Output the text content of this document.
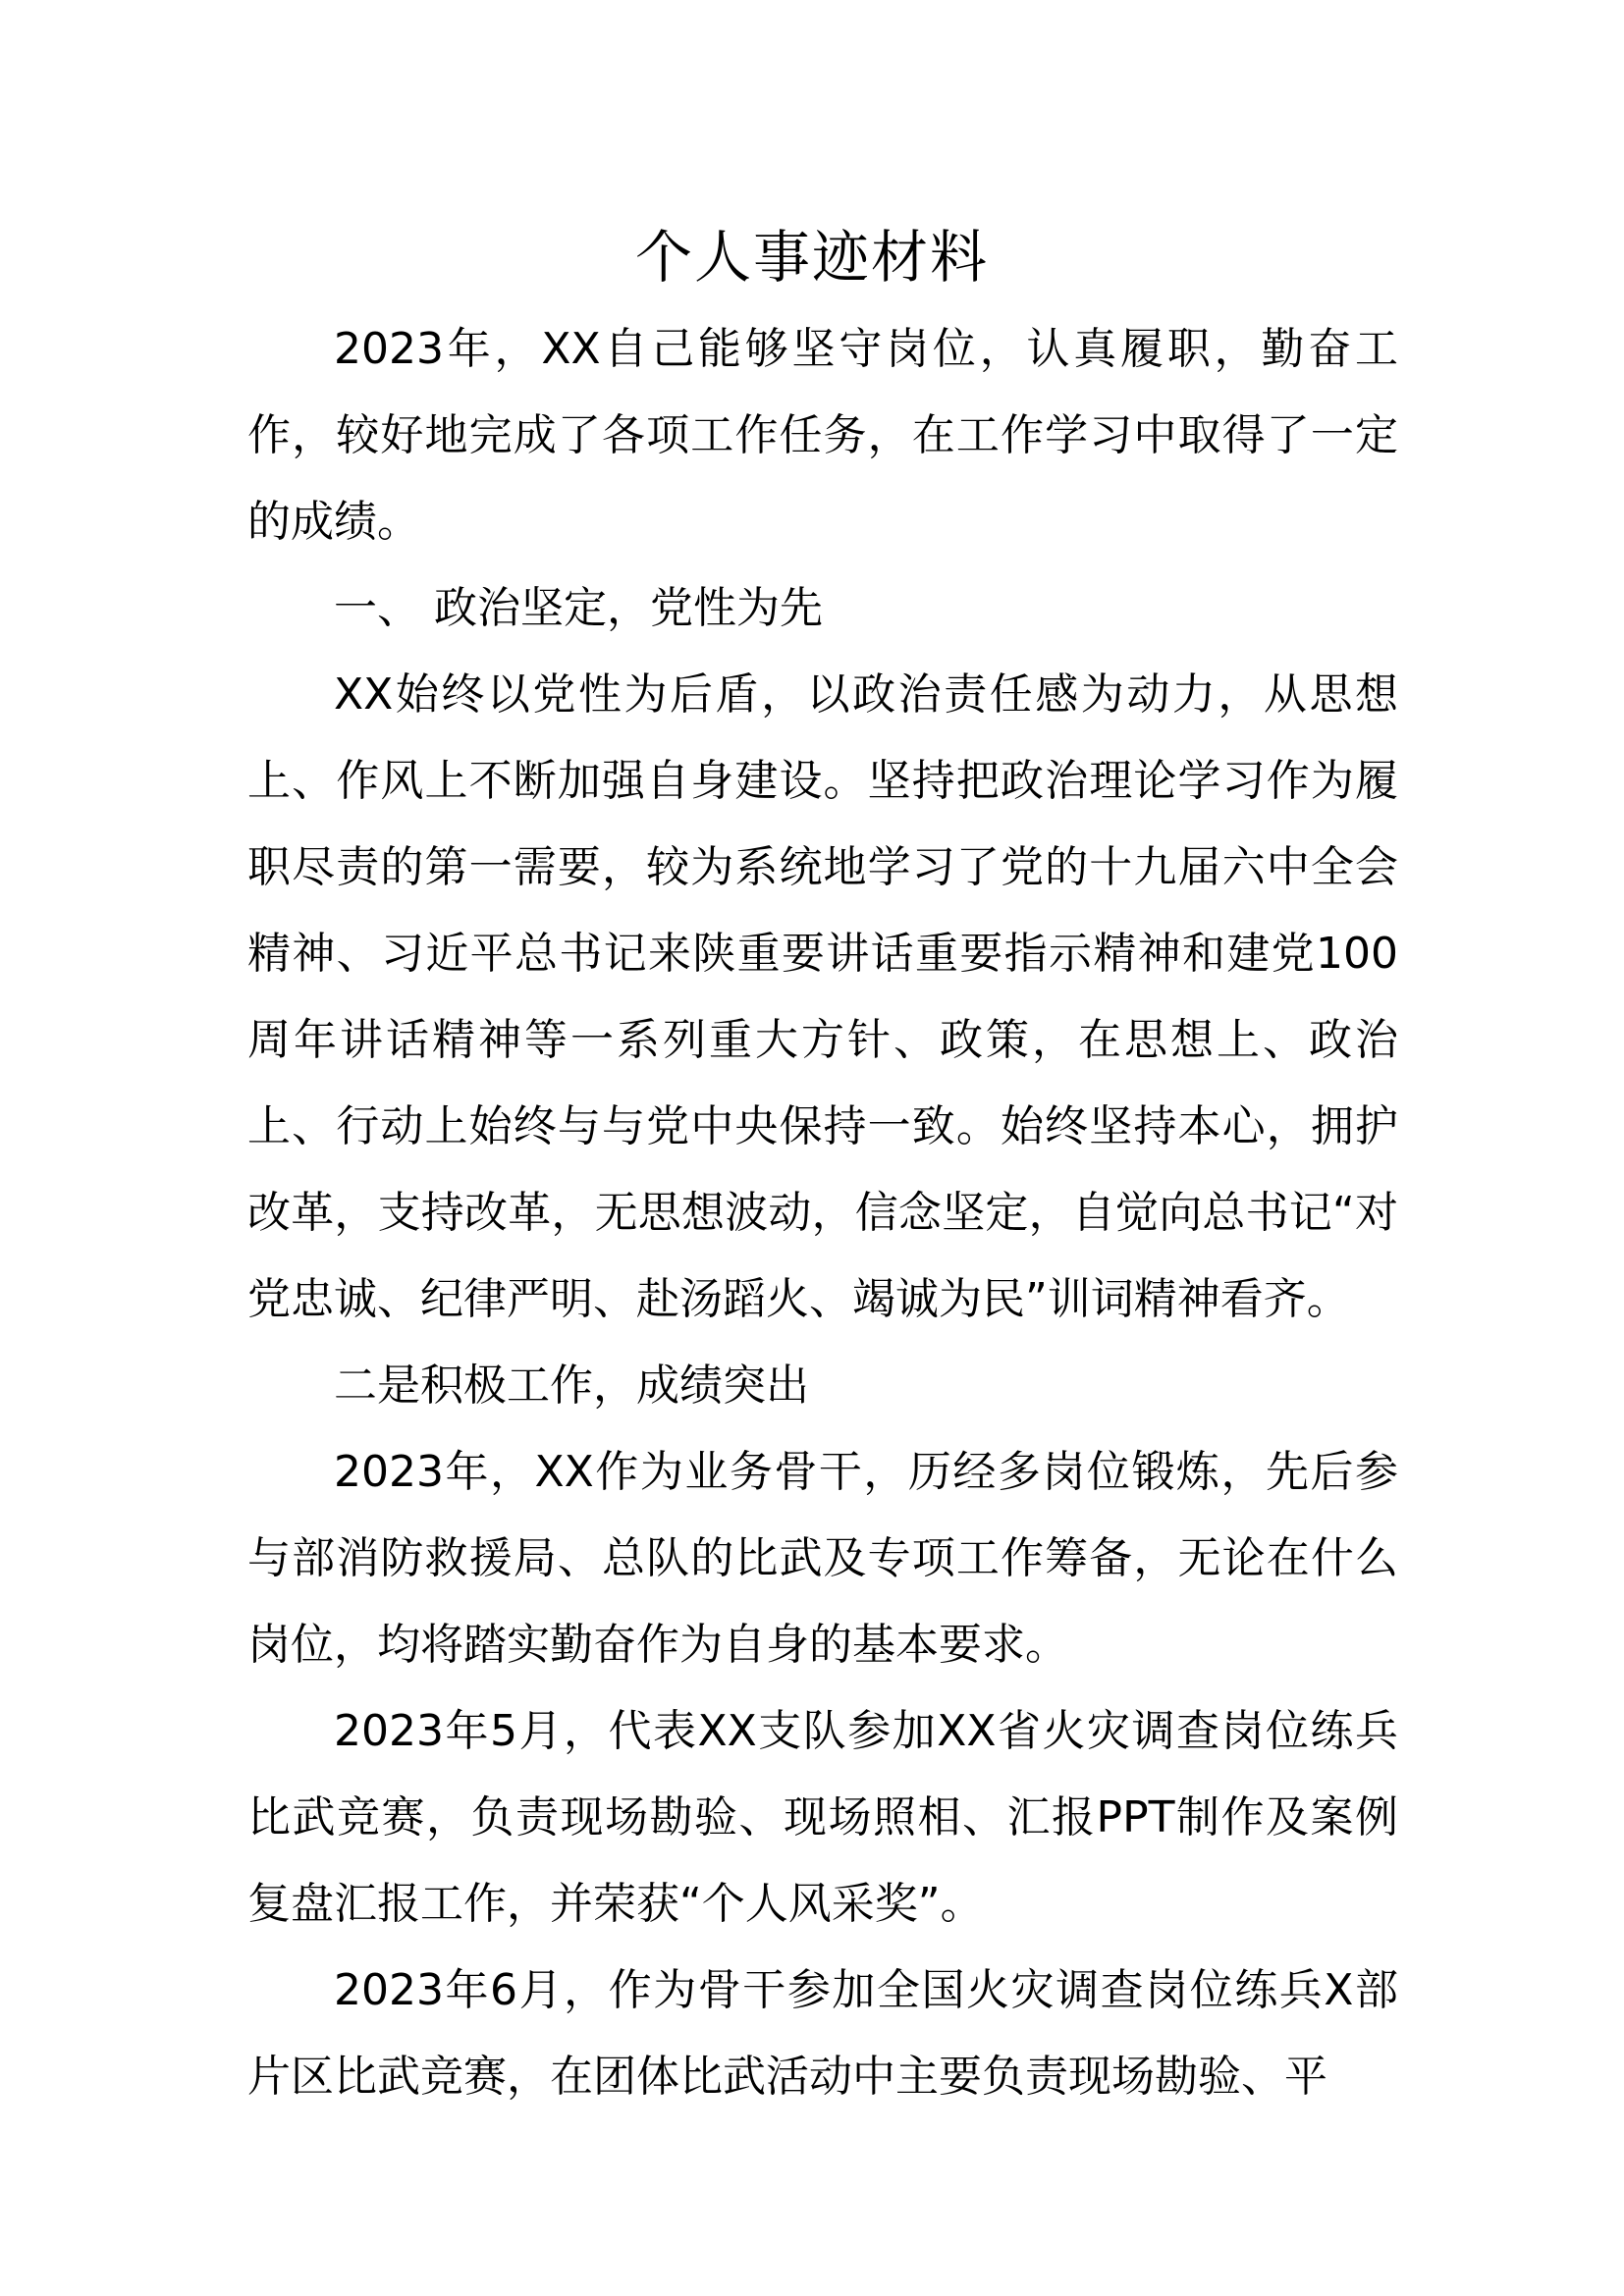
个人事迹材料

2023年，XX自己能够坚守岗位，认真履职，勤奋工作，较好地完成了各项工作任务，在工作学习中取得了一定的成绩。

一、 政治坚定，党性为先

XX始终以党性为后盾，以政治责任感为动力，从思想上、作风上不断加强自身建设。坚持把政治理论学习作为履职尽责的第一需要，较为系统地学习了党的十九届六中全会精神、习近平总书记来陕重要讲话重要指示精神和建党100周年讲话精神等一系列重大方针、政策，在思想上、政治上、行动上始终与与党中央保持一致。始终坚持本心，拥护改革，支持改革，无思想波动，信念坚定，自觉向总书记“对党忠诚、纪律严明、赴汤蹈火、竭诚为民”训词精神看齐。

二是积极工作，成绩突出

2023年，XX作为业务骨干，历经多岗位锻炼，先后参与部消防救援局、总队的比武及专项工作筹备，无论在什么岗位，均将踏实勤奋作为自身的基本要求。

2023年5月，代表XX支队参加XX省火灾调查岗位练兵比武竞赛，负责现场勘验、现场照相、汇报PPT制作及案例复盘汇报工作，并荣获“个人风采奖”。

2023年6月，作为骨干参加全国火灾调查岗位练兵X部片区比武竞赛，在团体比武活动中主要负责现场勘验、平
